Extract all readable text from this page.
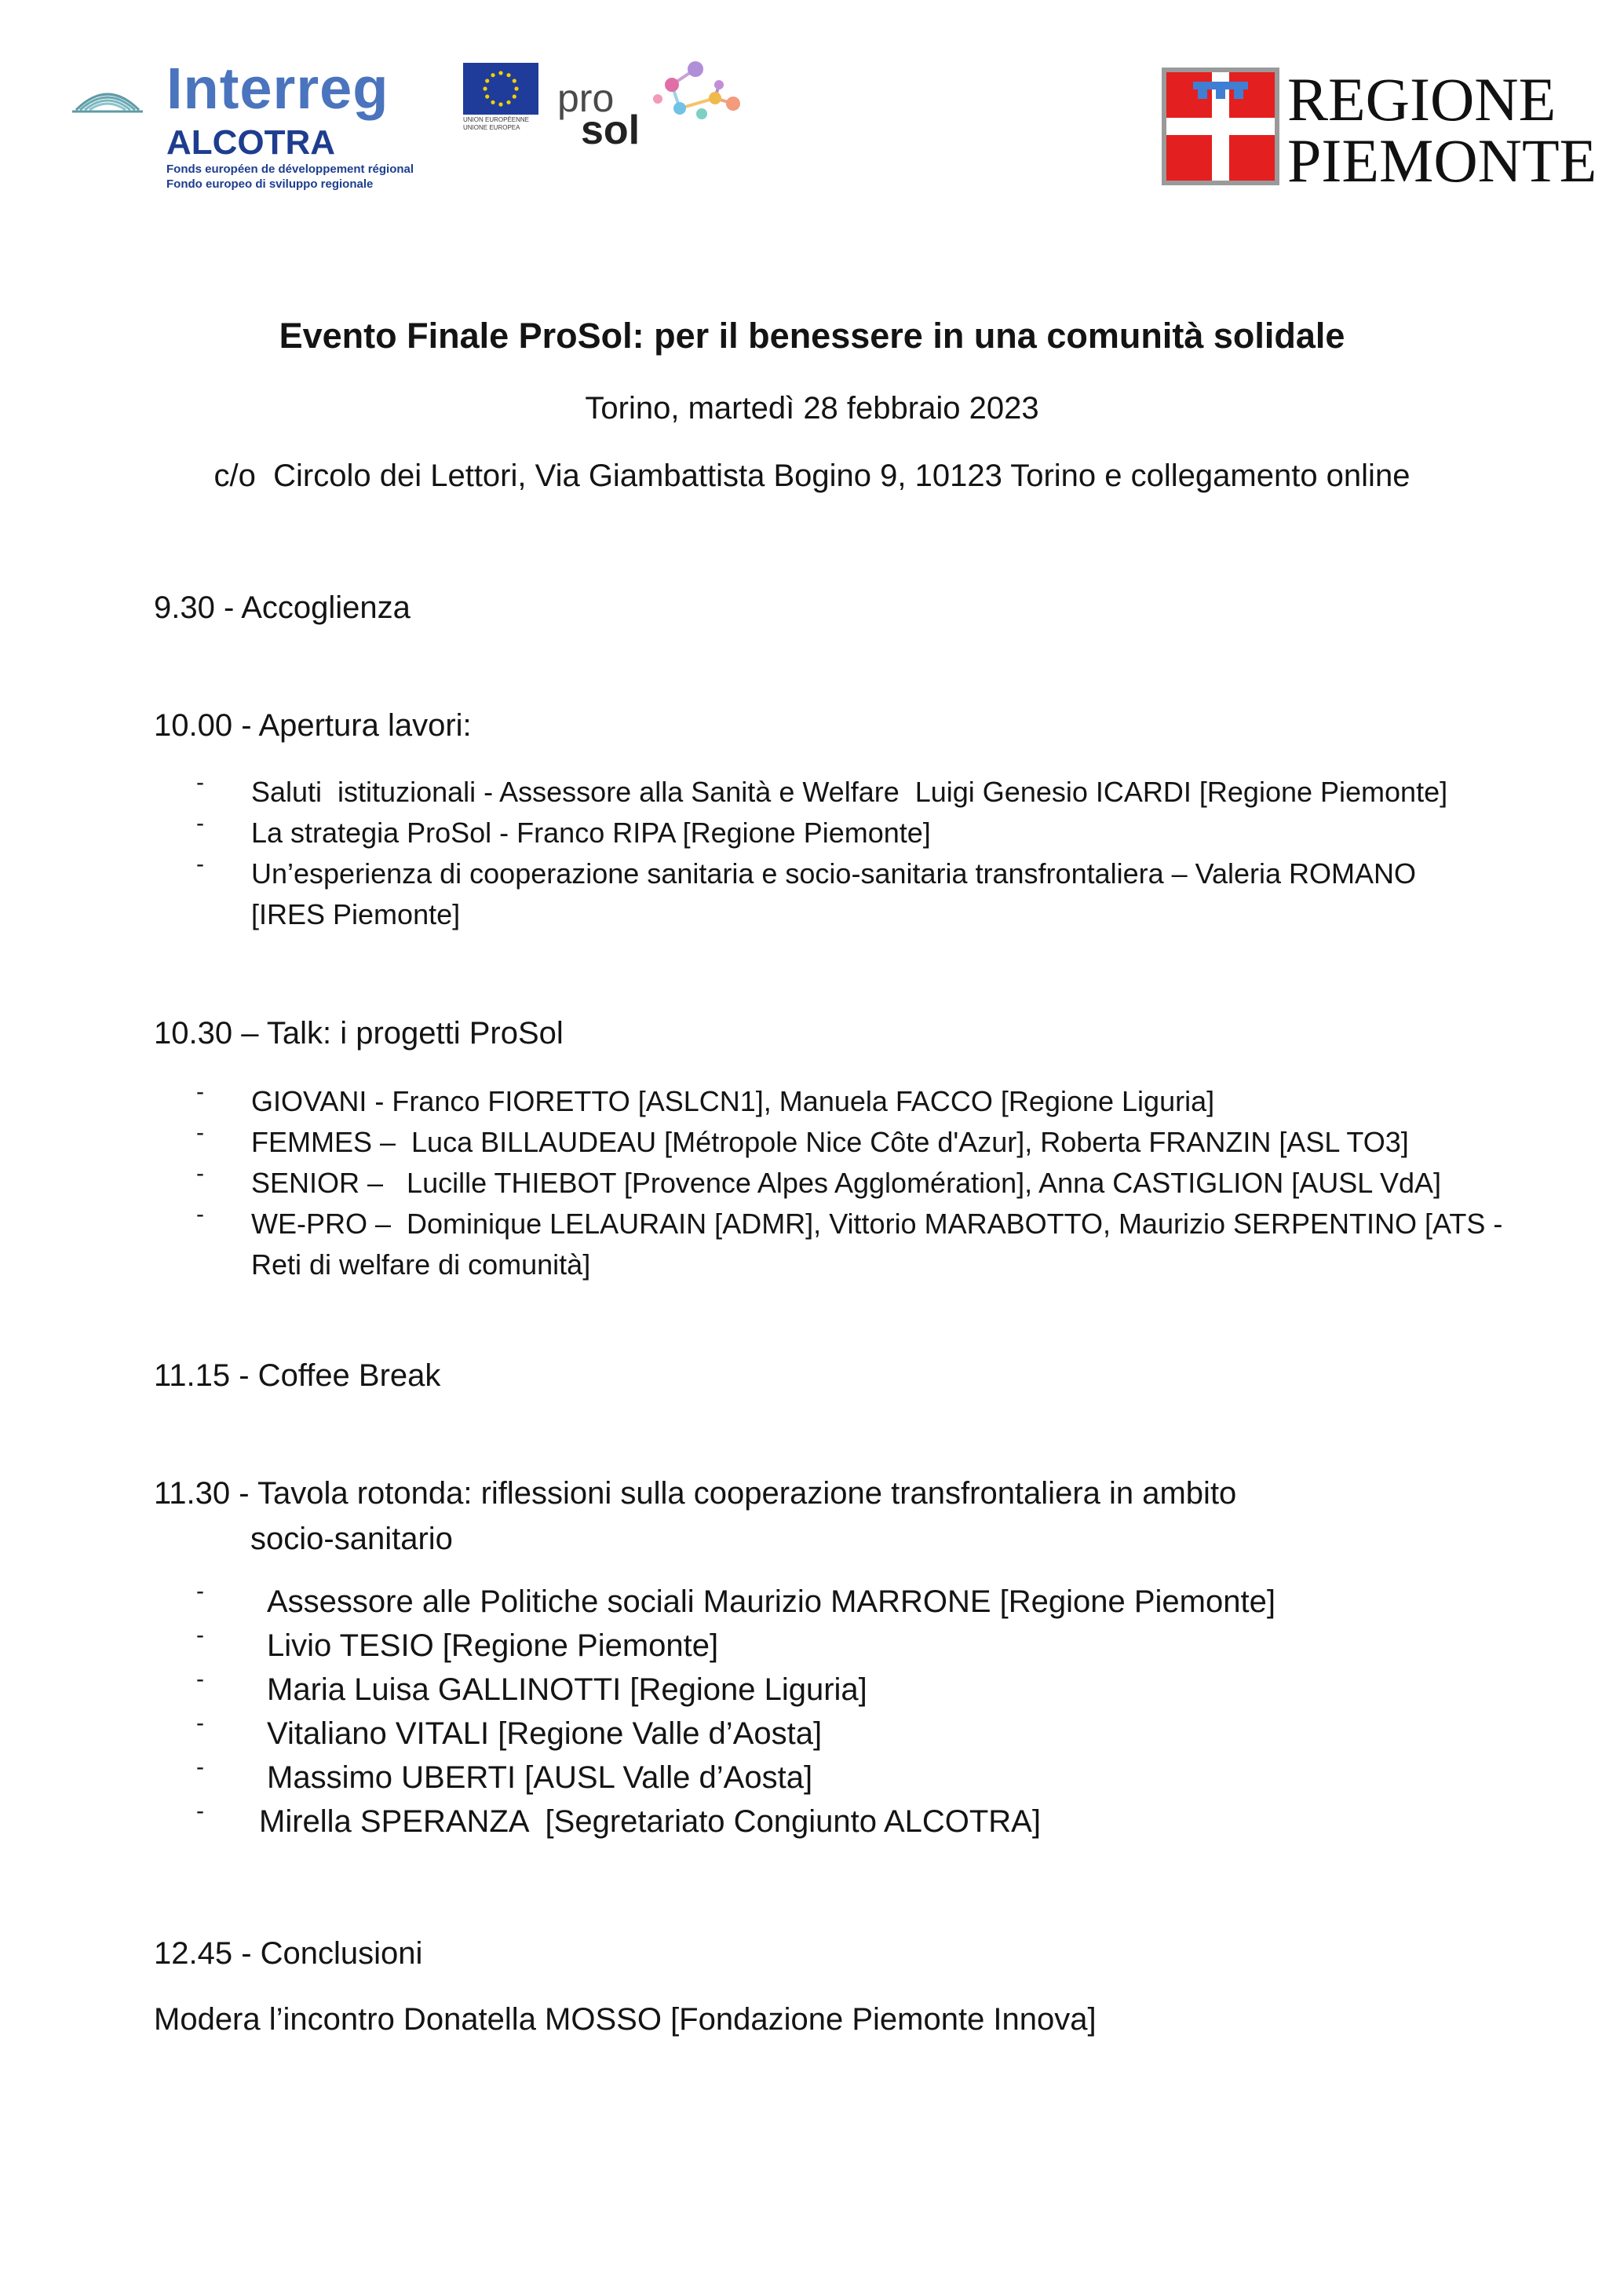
Interreg
ALCOTRA
Fonds européen de développement régional
Fondo europeo di sviluppo regionale
UNION EUROPÉENNE
UNIONE EUROPEA
pro
sol	REGIONE
PIEMONTE
Evento Finale ProSol: per il benessere in una comunità solidale
Torino, martedì 28 febbraio 2023
c/o  Circolo dei Lettori, Via Giambattista Bogino 9, 10123 Torino e collegamento online
9.30 - Accoglienza
10.00 - Apertura lavori:
- Saluti  istituzionali - Assessore alla Sanità e Welfare  Luigi Genesio ICARDI [Regione Piemonte]
- La strategia ProSol - Franco RIPA [Regione Piemonte]
- Un’esperienza di cooperazione sanitaria e socio-sanitaria transfrontaliera – Valeria ROMANO
[IRES Piemonte]
10.30 – Talk: i progetti ProSol
- GIOVANI - Franco FIORETTO [ASLCN1], Manuela FACCO [Regione Liguria]
- FEMMES –  Luca BILLAUDEAU [Métropole Nice Côte d'Azur], Roberta FRANZIN [ASL TO3]
- SENIOR –   Lucille THIEBOT [Provence Alpes Agglomération], Anna CASTIGLION [AUSL VdA]
- WE-PRO –  Dominique LELAURAIN [ADMR], Vittorio MARABOTTO, Maurizio SERPENTINO [ATS -
Reti di welfare di comunità]
11.15 - Coffee Break
11.30 - Tavola rotonda: riflessioni sulla cooperazione transfrontaliera in ambito
socio-sanitario
- Assessore alle Politiche sociali Maurizio MARRONE [Regione Piemonte]
- Livio TESIO [Regione Piemonte]
- Maria Luisa GALLINOTTI [Regione Liguria]
- Vitaliano VITALI [Regione Valle d’Aosta]
- Massimo UBERTI [AUSL Valle d’Aosta]
- Mirella SPERANZA  [Segretariato Congiunto ALCOTRA]
12.45 - Conclusioni
Modera l’incontro Donatella MOSSO [Fondazione Piemonte Innova]
